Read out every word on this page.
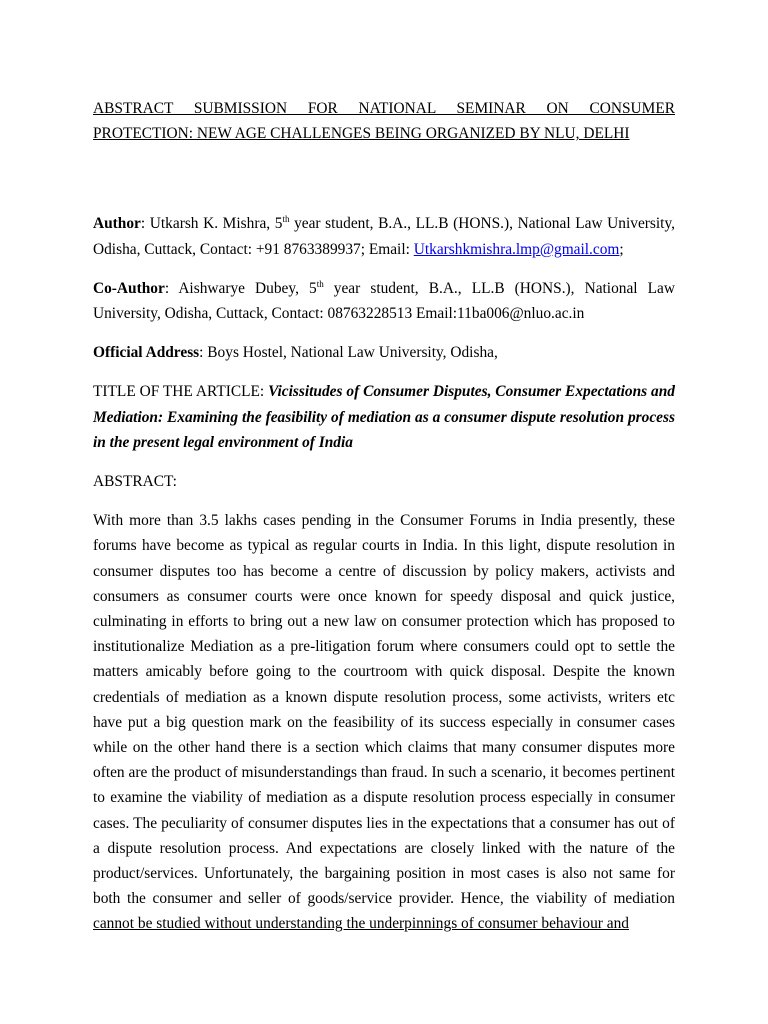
ABSTRACT SUBMISSION FOR NATIONAL SEMINAR ON CONSUMER PROTECTION: NEW AGE CHALLENGES BEING ORGANIZED BY NLU, DELHI

Author: Utkarsh K. Mishra, 5th year student, B.A., LL.B (HONS.), National Law University, Odisha, Cuttack, Contact: +91 8763389937; Email: Utkarshkmishra.lmp@gmail.com;

Co-Author: Aishwarye Dubey, 5th year student, B.A., LL.B (HONS.), National Law University, Odisha, Cuttack, Contact: 08763228513 Email:11ba006@nluo.ac.in

Official Address: Boys Hostel, National Law University, Odisha,

TITLE OF THE ARTICLE: Vicissitudes of Consumer Disputes, Consumer Expectations and Mediation: Examining the feasibility of mediation as a consumer dispute resolution process in the present legal environment of India

ABSTRACT:

With more than 3.5 lakhs cases pending in the Consumer Forums in India presently, these forums have become as typical as regular courts in India. In this light, dispute resolution in consumer disputes too has become a centre of discussion by policy makers, activists and consumers as consumer courts were once known for speedy disposal and quick justice, culminating in efforts to bring out a new law on consumer protection which has proposed to institutionalize Mediation as a pre-litigation forum where consumers could opt to settle the matters amicably before going to the courtroom with quick disposal. Despite the known credentials of mediation as a known dispute resolution process, some activists, writers etc have put a big question mark on the feasibility of its success especially in consumer cases while on the other hand there is a section which claims that many consumer disputes more often are the product of misunderstandings than fraud. In such a scenario, it becomes pertinent to examine the viability of mediation as a dispute resolution process especially in consumer cases. The peculiarity of consumer disputes lies in the expectations that a consumer has out of a dispute resolution process. And expectations are closely linked with the nature of the product/services. Unfortunately, the bargaining position in most cases is also not same for both the consumer and seller of goods/service provider. Hence, the viability of mediation cannot be studied without understanding the underpinnings of consumer behaviour and
